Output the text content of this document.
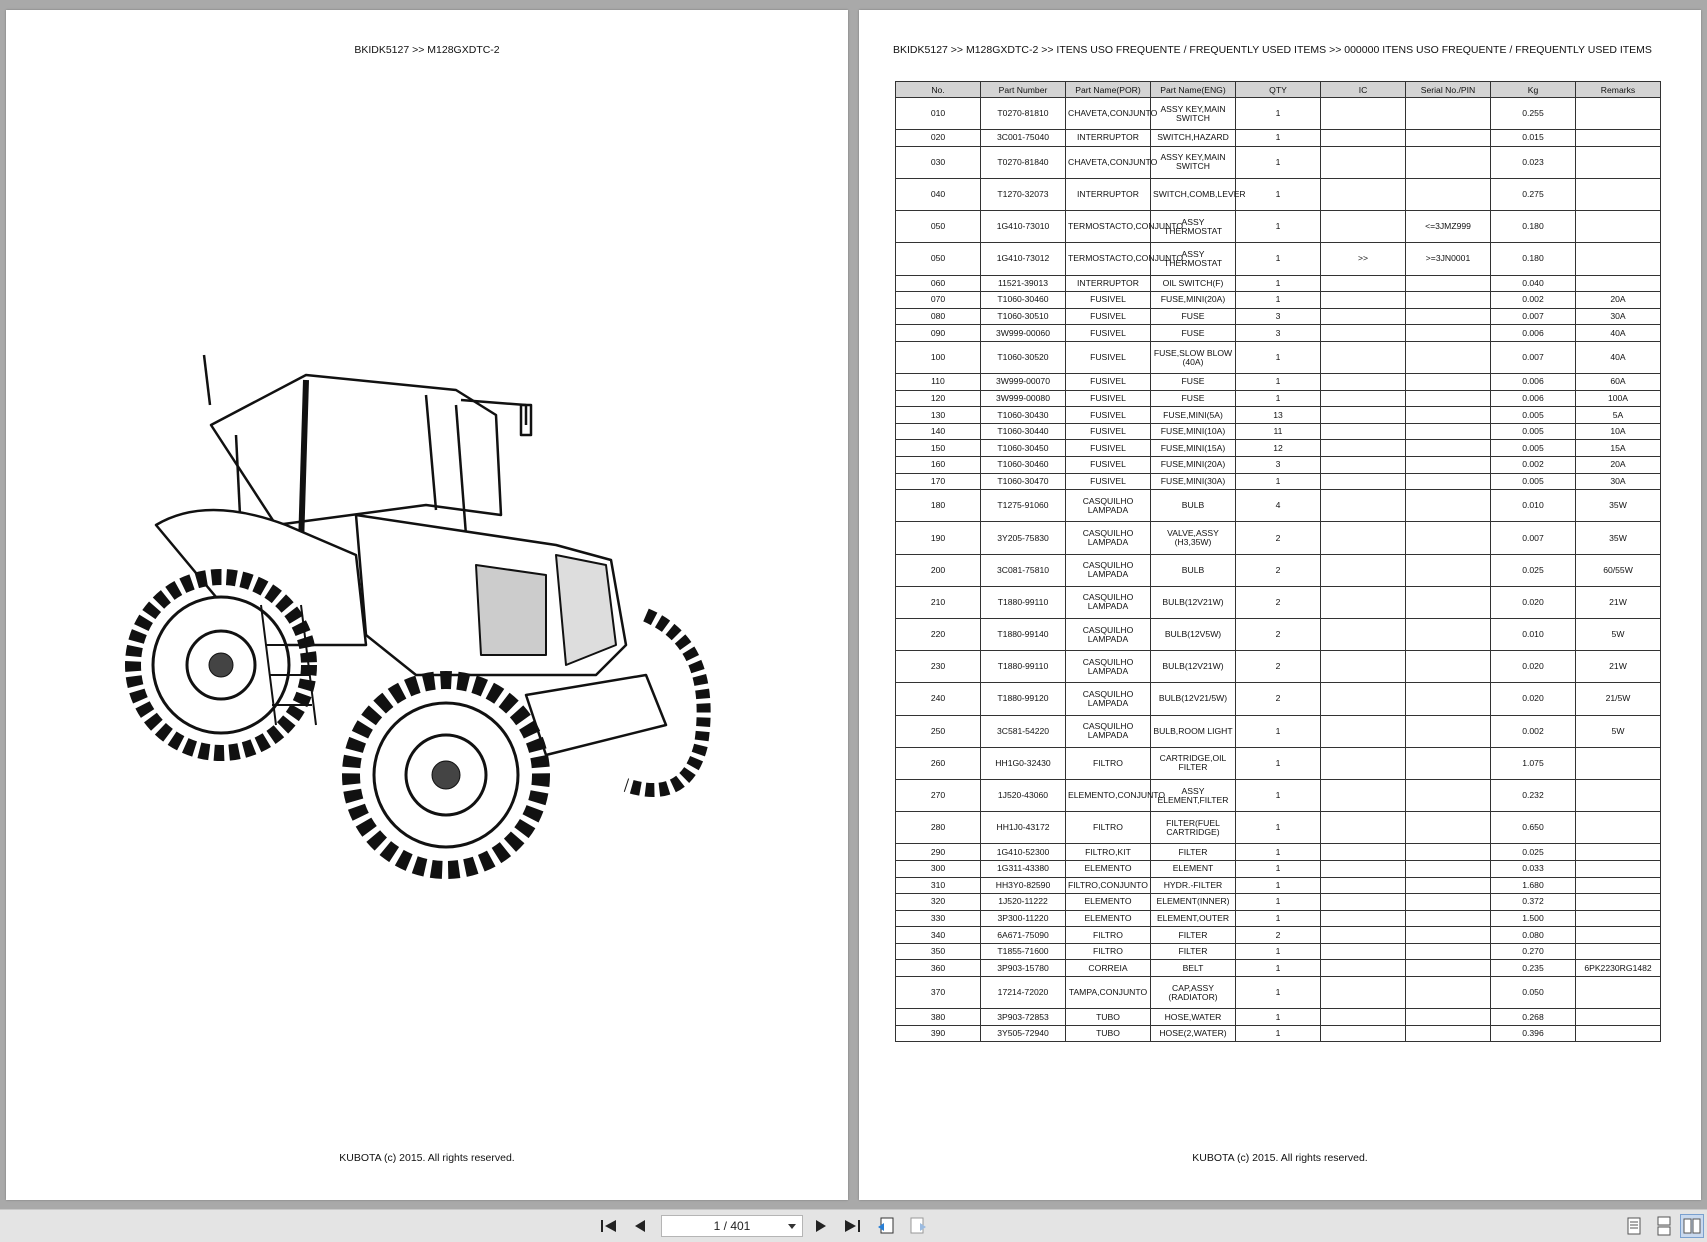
BKIDK5127 >> M128GXDTC-2
KUBOTA (c) 2015. All rights reserved.
BKIDK5127 >> M128GXDTC-2 >> ITENS USO FREQUENTE / FREQUENTLY USED ITEMS >> 000000 ITENS USO FREQUENTE / FREQUENTLY USED ITEMS
No.	Part Number	Part Name(POR)	Part Name(ENG)	QTY	IC	Serial No./PIN	Kg	Remarks
010	T0270-81810	CHAVETA,CONJUNTO	ASSY KEY,MAIN SWITCH	1			0.255	
020	3C001-75040	INTERRUPTOR	SWITCH,HAZARD	1			0.015	
030	T0270-81840	CHAVETA,CONJUNTO	ASSY KEY,MAIN SWITCH	1			0.023	
040	T1270-32073	INTERRUPTOR	SWITCH,COMB,LEVER	1			0.275	
050	1G410-73010	TERMOSTACTO,CONJUNTO	ASSY THERMOSTAT	1		<=3JMZ999	0.180	
050	1G410-73012	TERMOSTACTO,CONJUNTO	ASSY THERMOSTAT	1	>>	>=3JN0001	0.180	
060	11521-39013	INTERRUPTOR	OIL SWITCH(F)	1			0.040	
070	T1060-30460	FUSIVEL	FUSE,MINI(20A)	1			0.002	20A
080	T1060-30510	FUSIVEL	FUSE	3			0.007	30A
090	3W999-00060	FUSIVEL	FUSE	3			0.006	40A
100	T1060-30520	FUSIVEL	FUSE,SLOW BLOW (40A)	1			0.007	40A
110	3W999-00070	FUSIVEL	FUSE	1			0.006	60A
120	3W999-00080	FUSIVEL	FUSE	1			0.006	100A
130	T1060-30430	FUSIVEL	FUSE,MINI(5A)	13			0.005	5A
140	T1060-30440	FUSIVEL	FUSE,MINI(10A)	11			0.005	10A
150	T1060-30450	FUSIVEL	FUSE,MINI(15A)	12			0.005	15A
160	T1060-30460	FUSIVEL	FUSE,MINI(20A)	3			0.002	20A
170	T1060-30470	FUSIVEL	FUSE,MINI(30A)	1			0.005	30A
180	T1275-91060	CASQUILHO LAMPADA	BULB	4			0.010	35W
190	3Y205-75830	CASQUILHO LAMPADA	VALVE,ASSY (H3,35W)	2			0.007	35W
200	3C081-75810	CASQUILHO LAMPADA	BULB	2			0.025	60/55W
210	T1880-99110	CASQUILHO LAMPADA	BULB(12V21W)	2			0.020	21W
220	T1880-99140	CASQUILHO LAMPADA	BULB(12V5W)	2			0.010	5W
230	T1880-99110	CASQUILHO LAMPADA	BULB(12V21W)	2			0.020	21W
240	T1880-99120	CASQUILHO LAMPADA	BULB(12V21/5W)	2			0.020	21/5W
250	3C581-54220	CASQUILHO LAMPADA	BULB,ROOM LIGHT	1			0.002	5W
260	HH1G0-32430	FILTRO	CARTRIDGE,OIL FILTER	1			1.075	
270	1J520-43060	ELEMENTO,CONJUNTO	ASSY ELEMENT,FILTER	1			0.232	
280	HH1J0-43172	FILTRO	FILTER(FUEL CARTRIDGE)	1			0.650	
290	1G410-52300	FILTRO,KIT	FILTER	1			0.025	
300	1G311-43380	ELEMENTO	ELEMENT	1			0.033	
310	HH3Y0-82590	FILTRO,CONJUNTO	HYDR.-FILTER	1			1.680	
320	1J520-11222	ELEMENTO	ELEMENT(INNER)	1			0.372	
330	3P300-11220	ELEMENTO	ELEMENT,OUTER	1			1.500	
340	6A671-75090	FILTRO	FILTER	2			0.080	
350	T1855-71600	FILTRO	FILTER	1			0.270	
360	3P903-15780	CORREIA	BELT	1			0.235	6PK2230RG1482
370	17214-72020	TAMPA,CONJUNTO	CAP,ASSY (RADIATOR)	1			0.050	
380	3P903-72853	TUBO	HOSE,WATER	1			0.268	
390	3Y505-72940	TUBO	HOSE(2,WATER)	1			0.396	
KUBOTA (c) 2015. All rights reserved.
1 / 401
